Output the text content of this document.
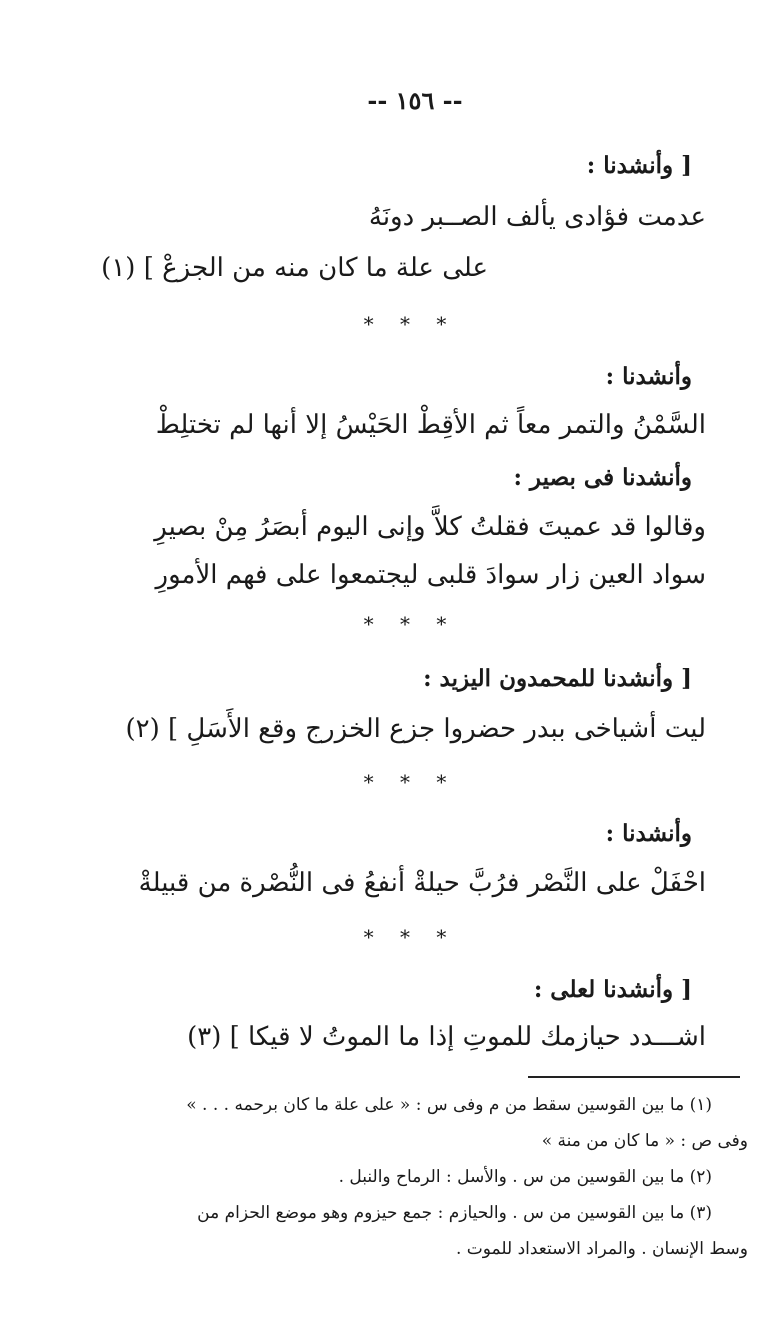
-- ١٥٦ --
[ وأنشدنا :
عدمت فؤادى يألف الصــبر دونَهُ
على علة ما كان منه من الجزعْ ] (١)
* * *
وأنشدنا :
السَّمْنُ والتمر معاً ثم الأقِطْ الحَيْسُ إلا أنها لم تختلِطْ
وأنشدنا فى بصير :
وقالوا قد عميتَ فقلتُ كلاَّ وإنى اليوم أبصَرُ مِنْ بصيرِ
سواد العين زار سوادَ قلبى ليجتمعوا على فهم الأمورِ
* * *
[ وأنشدنا للمحمدون اليزيد :
ليت أشياخى ببدر حضروا جزع الخزرج وقع الأَسَلِ ] (٢)
* * *
وأنشدنا :
احْفَلْ على النَّصْر فرُبَّ حيلةْ أنفعُ فى النُّصْرة من قبيلةْ
* * *
[ وأنشدنا لعلى :
اشـــدد حيازمك للموتِ إذا ما الموتُ لا قيكا ] (٣)
(١) ما بين القوسين سقط من م وفى س : « على علة ما كان برحمه . . . »
وفى ص : « ما كان من منة »
(٢) ما بين القوسين من س . والأسل : الرماح والنبل .
(٣) ما بين القوسين من س . والحيازم : جمع حيزوم وهو موضع الحزام من
وسط الإنسان . والمراد الاستعداد للموت .
